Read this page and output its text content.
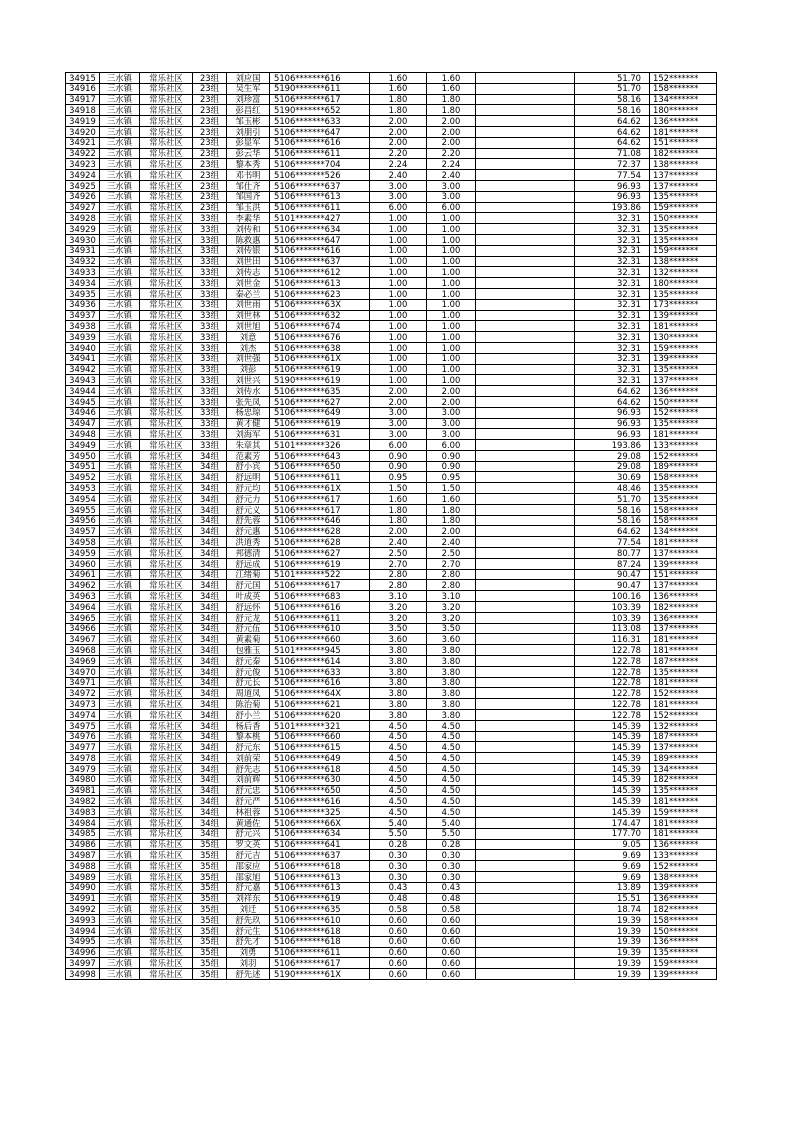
34915	三水镇	常乐社区	23组	刘应国	5106*******616	1.60	1.60		51.70	152*******
34916	三水镇	常乐社区	23组	吴生军	5190*******611	1.60	1.60		51.70	158*******
34917	三水镇	常乐社区	23组	刘珍富	5106*******617	1.80	1.80		58.16	134*******
34918	三水镇	常乐社区	23组	彭昌红	5190*******652	1.80	1.80		58.16	180*******
34919	三水镇	常乐社区	23组	邹玉彬	5106*******633	2.00	2.00		64.62	136*******
34920	三水镇	常乐社区	23组	刘朋引	5106*******647	2.00	2.00		64.62	181*******
34921	三水镇	常乐社区	23组	彭显军	5106*******616	2.00	2.00		64.62	151*******
34922	三水镇	常乐社区	23组	彭云华	5106*******611	2.20	2.20		71.08	182*******
34923	三水镇	常乐社区	23组	黎本秀	5106*******704	2.24	2.24		72.37	138*******
34924	三水镇	常乐社区	23组	邓书明	5106*******526	2.40	2.40		77.54	137*******
34925	三水镇	常乐社区	23组	邹仕齐	5106*******637	3.00	3.00		96.93	137*******
34926	三水镇	常乐社区	23组	邹国齐	5106*******613	3.00	3.00		96.93	135*******
34927	三水镇	常乐社区	23组	邹玉洪	5106*******611	6.00	6.00		193.86	159*******
34928	三水镇	常乐社区	33组	李素华	5101*******427	1.00	1.00		32.31	150*******
34929	三水镇	常乐社区	33组	刘传和	5106*******634	1.00	1.00		32.31	135*******
34930	三水镇	常乐社区	33组	陈救惠	5106*******647	1.00	1.00		32.31	135*******
34931	三水镇	常乐社区	33组	刘传银	5106*******616	1.00	1.00		32.31	159*******
34932	三水镇	常乐社区	33组	刘世田	5106*******637	1.00	1.00		32.31	138*******
34933	三水镇	常乐社区	33组	刘传志	5106*******612	1.00	1.00		32.31	132*******
34934	三水镇	常乐社区	33组	刘世金	5106*******613	1.00	1.00		32.31	180*******
34935	三水镇	常乐社区	33组	秦必兰	5106*******623	1.00	1.00		32.31	135*******
34936	三水镇	常乐社区	33组	刘世雨	5106*******63X	1.00	1.00		32.31	173*******
34937	三水镇	常乐社区	33组	刘世林	5106*******632	1.00	1.00		32.31	139*******
34938	三水镇	常乐社区	33组	刘世旭	5106*******674	1.00	1.00		32.31	181*******
34939	三水镇	常乐社区	33组	刘意	5106*******676	1.00	1.00		32.31	130*******
34940	三水镇	常乐社区	33组	刘杰	5106*******638	1.00	1.00		32.31	159*******
34941	三水镇	常乐社区	33组	刘世强	5106*******61X	1.00	1.00		32.31	139*******
34942	三水镇	常乐社区	33组	刘彭	5106*******619	1.00	1.00		32.31	135*******
34943	三水镇	常乐社区	33组	刘世兴	5190*******619	1.00	1.00		32.31	137*******
34944	三水镇	常乐社区	33组	刘传水	5106*******635	2.00	2.00		64.62	136*******
34945	三水镇	常乐社区	33组	张先凤	5106*******627	2.00	2.00		64.62	150*******
34946	三水镇	常乐社区	33组	杨忠琼	5106*******649	3.00	3.00		96.93	152*******
34947	三水镇	常乐社区	33组	黄才健	5106*******619	3.00	3.00		96.93	135*******
34948	三水镇	常乐社区	33组	刘海军	5106*******631	3.00	3.00		96.93	181*******
34949	三水镇	常乐社区	33组	朱章其	5101*******326	6.00	6.00		193.86	133*******
34950	三水镇	常乐社区	34组	范素芳	5106*******643	0.90	0.90		29.08	152*******
34951	三水镇	常乐社区	34组	舒小宾	5106*******650	0.90	0.90		29.08	189*******
34952	三水镇	常乐社区	34组	舒远明	5106*******611	0.95	0.95		30.69	158*******
34953	三水镇	常乐社区	34组	舒元均	5106*******61X	1.50	1.50		48.46	135*******
34954	三水镇	常乐社区	34组	舒元力	5106*******617	1.60	1.60		51.70	135*******
34955	三水镇	常乐社区	34组	舒元义	5106*******617	1.80	1.80		58.16	158*******
34956	三水镇	常乐社区	34组	舒先蓉	5106*******646	1.80	1.80		58.16	158*******
34957	三水镇	常乐社区	34组	舒元惠	5106*******628	2.00	2.00		64.62	134*******
34958	三水镇	常乐社区	34组	洪道秀	5106*******628	2.40	2.40		77.54	181*******
34959	三水镇	常乐社区	34组	邦德清	5106*******627	2.50	2.50		80.77	137*******
34960	三水镇	常乐社区	34组	舒远成	5106*******619	2.70	2.70		87.24	139*******
34961	三水镇	常乐社区	34组	江绪菊	5101*******522	2.80	2.80		90.47	151*******
34962	三水镇	常乐社区	34组	舒元国	5106*******617	2.80	2.80		90.47	137*******
34963	三水镇	常乐社区	34组	叶成英	5106*******683	3.10	3.10		100.16	136*******
34964	三水镇	常乐社区	34组	舒远怀	5106*******616	3.20	3.20		103.39	182*******
34965	三水镇	常乐社区	34组	舒元龙	5106*******611	3.20	3.20		103.39	136*******
34966	三水镇	常乐社区	34组	舒元伍	5106*******610	3.50	3.50		113.08	137*******
34967	三水镇	常乐社区	34组	黄素菊	5106*******660	3.60	3.60		116.31	181*******
34968	三水镇	常乐社区	34组	包雅玉	5101*******945	3.80	3.80		122.78	181*******
34969	三水镇	常乐社区	34组	舒元秦	5106*******614	3.80	3.80		122.78	187*******
34970	三水镇	常乐社区	34组	舒元俊	5106*******633	3.80	3.80		122.78	135*******
34971	三水镇	常乐社区	34组	舒元长	5106*******616	3.80	3.80		122.78	181*******
34972	三水镇	常乐社区	34组	周道凤	5106*******64X	3.80	3.80		122.78	152*******
34973	三水镇	常乐社区	34组	陈治菊	5106*******621	3.80	3.80		122.78	181*******
34974	三水镇	常乐社区	34组	舒小兰	5106*******620	3.80	3.80		122.78	152*******
34975	三水镇	常乐社区	34组	杨后香	5101*******321	4.50	4.50		145.39	132*******
34976	三水镇	常乐社区	34组	黎本桃	5106*******660	4.50	4.50		145.39	187*******
34977	三水镇	常乐社区	34组	舒元东	5106*******615	4.50	4.50		145.39	137*******
34978	三水镇	常乐社区	34组	刘前荣	5106*******649	4.50	4.50		145.39	189*******
34979	三水镇	常乐社区	34组	舒先志	5106*******618	4.50	4.50		145.39	134*******
34980	三水镇	常乐社区	34组	刘前辉	5106*******630	4.50	4.50		145.39	182*******
34981	三水镇	常乐社区	34组	舒元忠	5106*******650	4.50	4.50		145.39	135*******
34982	三水镇	常乐社区	34组	舒元严	5106*******616	4.50	4.50		145.39	181*******
34983	三水镇	常乐社区	34组	林祖蓉	5106*******325	4.50	4.50		145.39	159*******
34984	三水镇	常乐社区	34组	黄通佐	5106*******66X	5.40	5.40		174.47	181*******
34985	三水镇	常乐社区	34组	舒元兴	5106*******634	5.50	5.50		177.70	181*******
34986	三水镇	常乐社区	35组	罗文英	5106*******641	0.28	0.28		9.05	136*******
34987	三水镇	常乐社区	35组	舒元吉	5106*******637	0.30	0.30		9.69	133*******
34988	三水镇	常乐社区	35组	邵家应	5106*******618	0.30	0.30		9.69	152*******
34989	三水镇	常乐社区	35组	邵家旭	5106*******613	0.30	0.30		9.69	138*******
34990	三水镇	常乐社区	35组	舒元嘉	5106*******613	0.43	0.43		13.89	139*******
34991	三水镇	常乐社区	35组	刘祥东	5106*******619	0.48	0.48		15.51	136*******
34992	三水镇	常乐社区	35组	刘迁	5106*******635	0.58	0.58		18.74	182*******
34993	三水镇	常乐社区	35组	舒先玖	5106*******610	0.60	0.60		19.39	158*******
34994	三水镇	常乐社区	35组	舒元生	5106*******618	0.60	0.60		19.39	150*******
34995	三水镇	常乐社区	35组	舒先才	5106*******618	0.60	0.60		19.39	136*******
34996	三水镇	常乐社区	35组	刘勇	5106*******611	0.60	0.60		19.39	135*******
34997	三水镇	常乐社区	35组	刘羽	5106*******617	0.60	0.60		19.39	159*******
34998	三水镇	常乐社区	35组	舒先述	5190*******61X	0.60	0.60		19.39	139*******
